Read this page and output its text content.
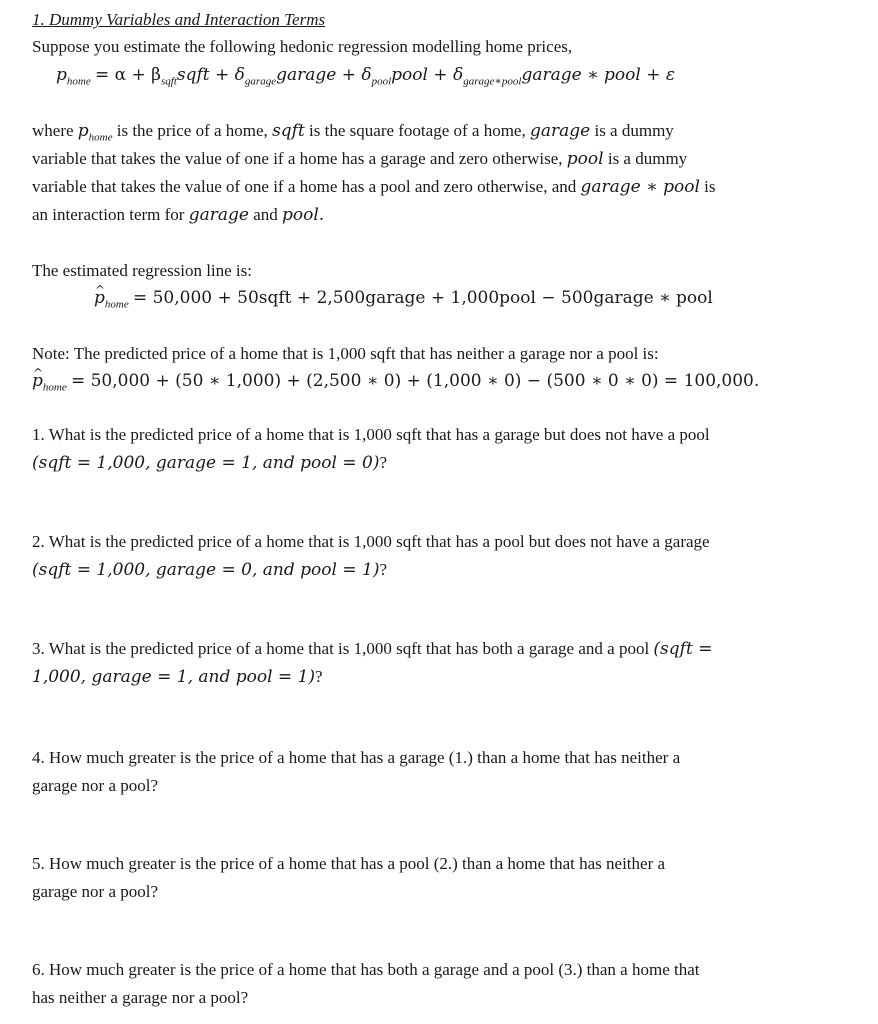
1. Dummy Variables and Interaction Terms
Suppose you estimate the following hedonic regression modelling home prices,
$p_{home} = \alpha$ + $\beta_{sqft}sqft$ + $\delta_{garage}garage$ + $\delta_{pool}pool$ + $\delta_{garage∗pool}garage$ ∗ pool + ε
where $p_{home}$ is the price of a home, sqft is the square footage of a home, garage is a dummy
variable that takes the value of one if a home has a garage and zero otherwise, pool is a dummy
variable that takes the value of one if a home has a pool and zero otherwise, and garage ∗ pool is
an interaction term for garage and pool.
The estimated regression line is:
^ $p_{home} = 50,000$ + 50sqft + 2,500garage + 1,000pool − 500garage ∗ pool
Note: The predicted price of a home that is 1,000 sqft that has neither a garage nor a pool is:
^ $p_{home} = 50,000 + (50$ ∗ 1,000) + (2,500 ∗ 0) + (1,000 ∗ 0) − (500 ∗ 0 ∗ 0) = 100,000.
1. What is the predicted price of a home that is 1,000 sqft that has a garage but does not have a pool
(sqft = 1,000, garage = 1, and pool = 0)?
2. What is the predicted price of a home that is 1,000 sqft that has a pool but does not have a garage
(sqft = 1,000, garage = 0, and pool = 1)?
3. What is the predicted price of a home that is 1,000 sqft that has both a garage and a pool (sqft =
1,000, garage = 1, and pool = 1)?
4. How much greater is the price of a home that has a garage (1.) than a home that has neither a
garage nor a pool?
5. How much greater is the price of a home that has a pool (2.) than a home that has neither a
garage nor a pool?
6. How much greater is the price of a home that has both a garage and a pool (3.) than a home that
has neither a garage nor a pool?
